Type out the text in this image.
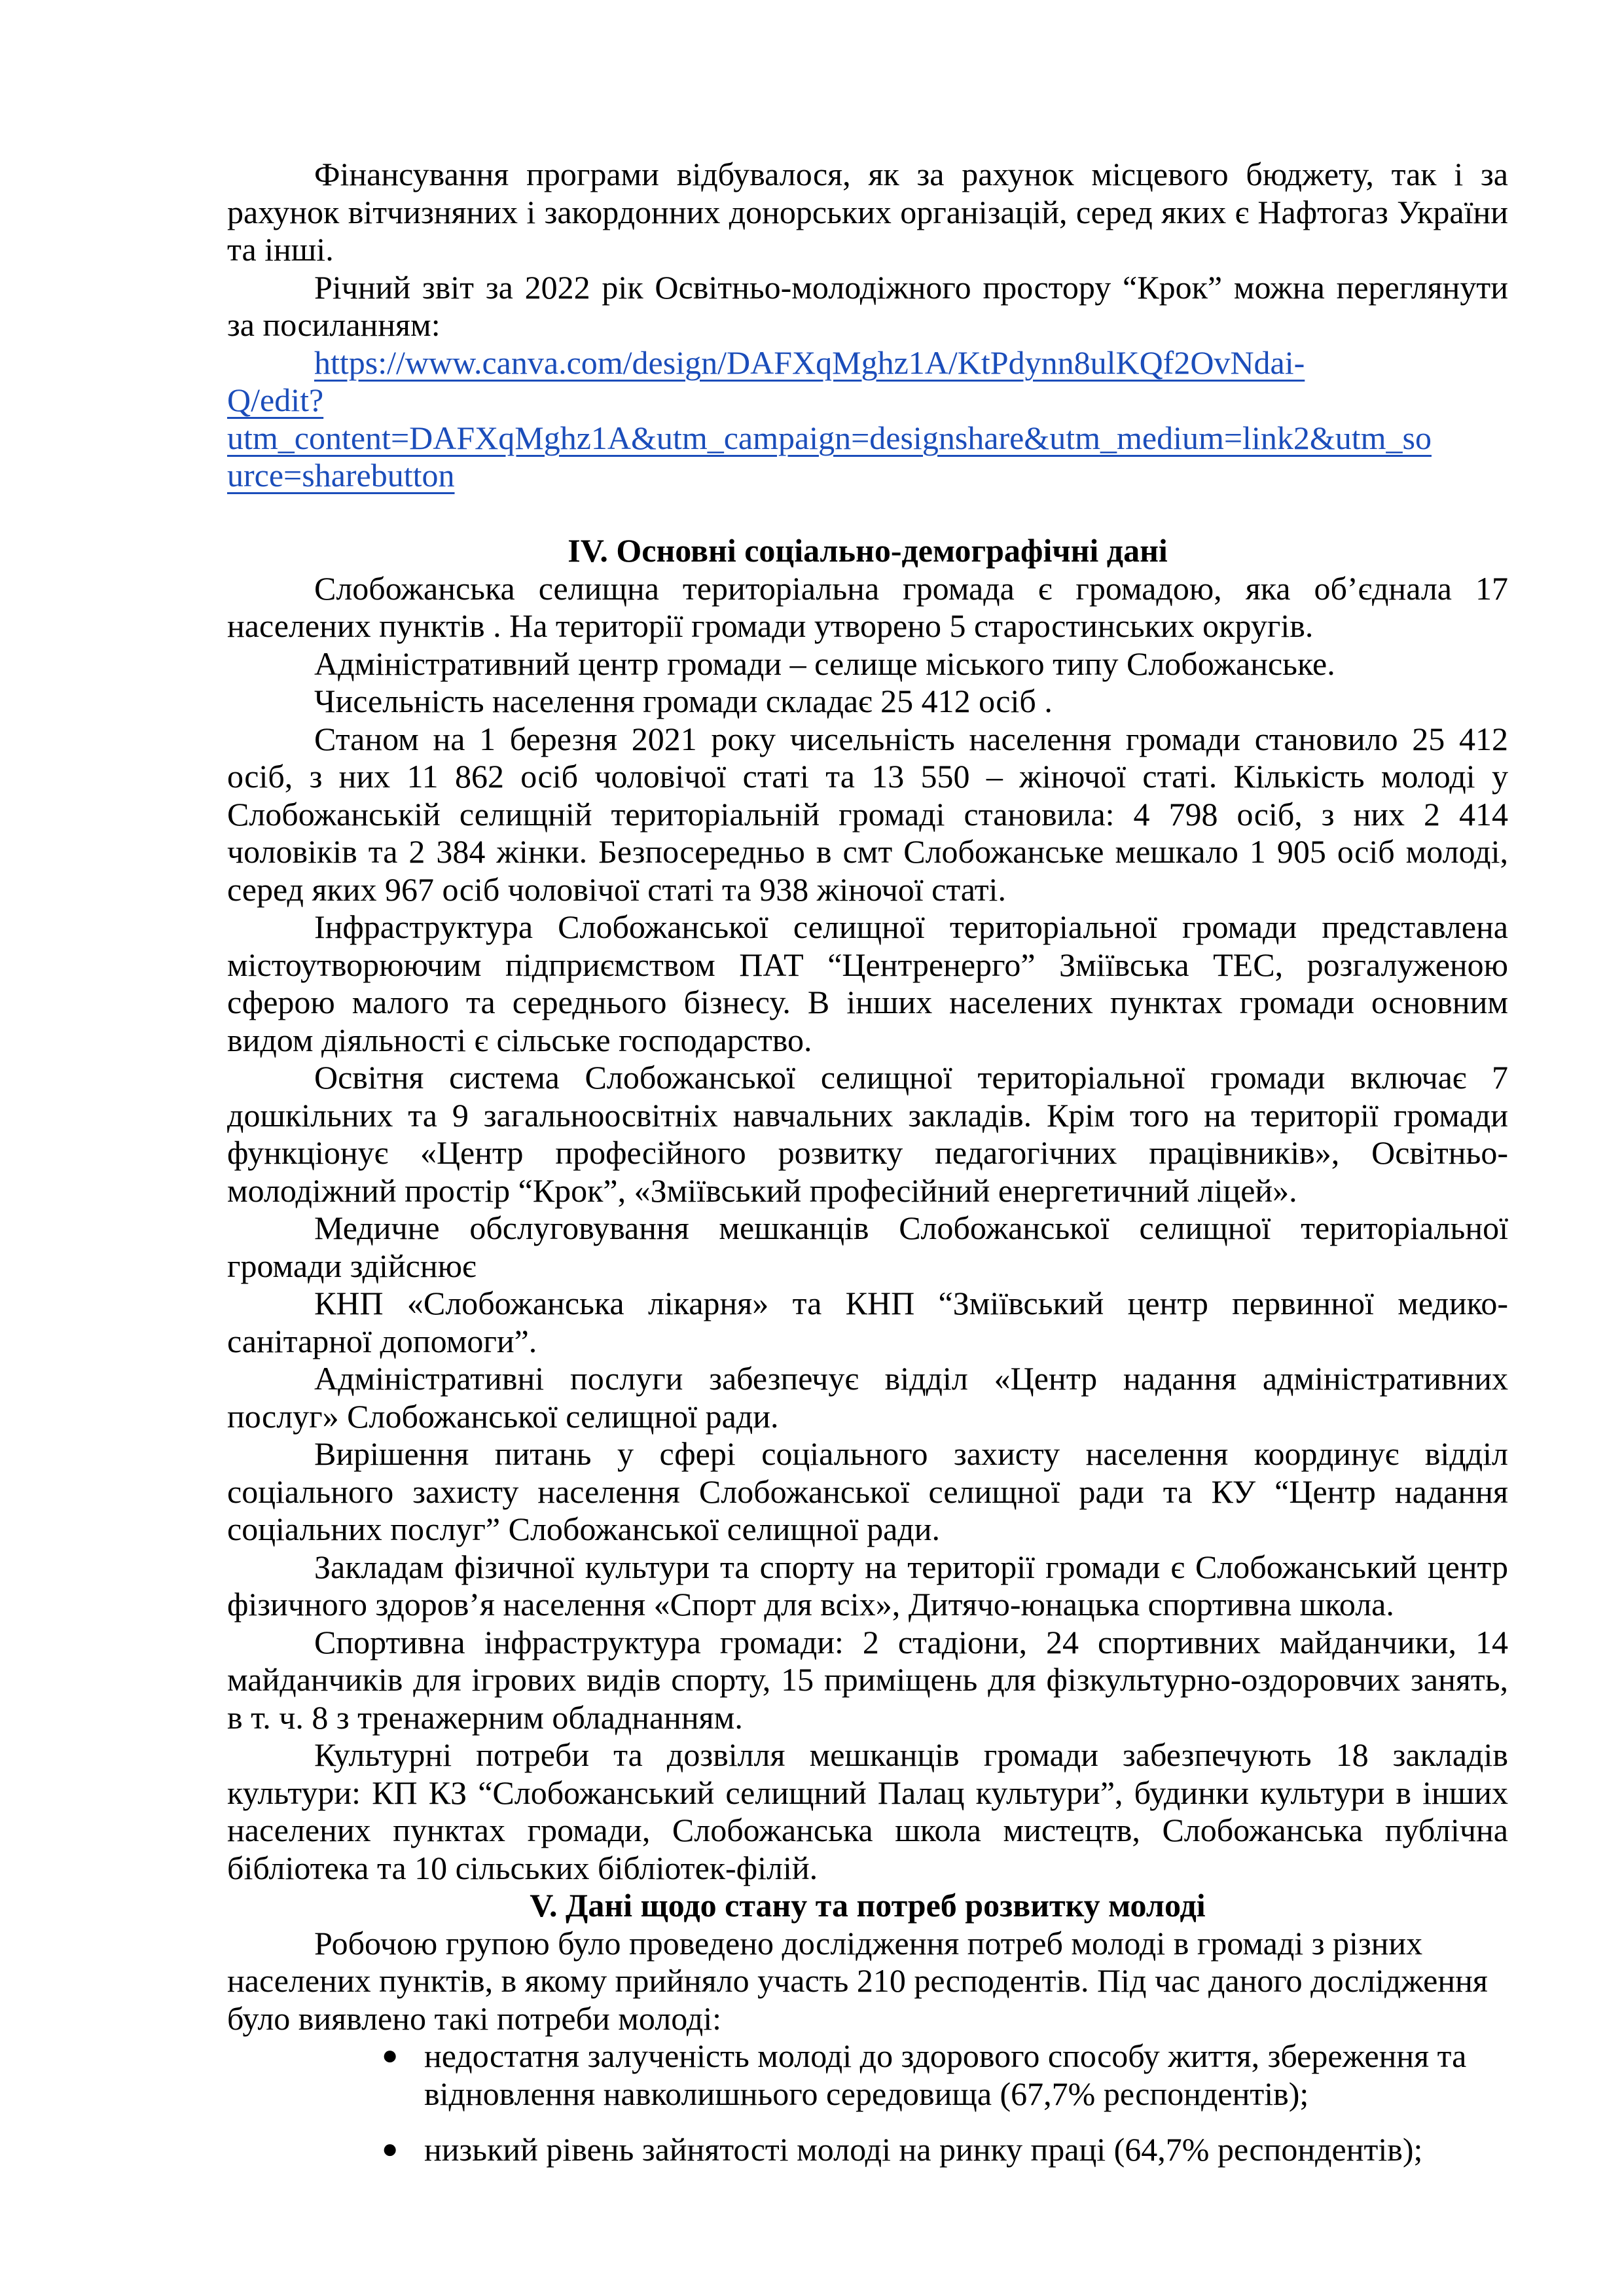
Фінансування програми відбувалося, як за рахунок місцевого бюджету, так і за рахунок вітчизняних і закордонних донорських організацій, серед яких є Нафтогаз України та інші.

Річний звіт за 2022 рік Освітньо-молодіжного простору “Крок” можна переглянути за посиланням:

https://www.canva.com/design/DAFXqMghz1A/KtPdynn8ulKQf2OvNdai-
Q/edit?utm_content=DAFXqMghz1A&utm_campaign=designshare&utm_medium=link2&utm_so
urce=sharebutton

IV. Основні соціально-демографічні дані

Слобожанська селищна територіальна громада є громадою, яка об’єднала 17 населених пунктів . На території громади утворено 5 старостинських округів.

Адміністративний центр громади – селище міського типу Слобожанське.

Чисельність населення громади складає 25 412 осіб .

Станом на 1 березня 2021 року чисельність населення громади становило 25 412 осіб, з них 11 862 осіб чоловічої статі та 13 550 – жіночої статі. Кількість молоді у Слобожанській селищній територіальній громаді становила: 4 798 осіб, з них 2 414 чоловіків та 2 384 жінки. Безпосередньо в смт Слобожанське мешкало 1 905 осіб молоді, серед яких 967 осіб чоловічої статі та 938 жіночої статі.

Інфраструктура Слобожанської селищної територіальної громади представлена містоутворюючим підприємством ПАТ “Центренерго” Зміївська ТЕС, розгалуженою сферою малого та середнього бізнесу. В інших населених пунктах громади основним видом діяльності є сільське господарство.

Освітня система Слобожанської селищної територіальної громади включає 7 дошкільних та 9 загальноосвітніх навчальних закладів. Крім того на території громади функціонує «Центр професійного розвитку педагогічних працівників», Освітньо-молодіжний простір “Крок”, «Зміївський професійний енергетичний ліцей».

Медичне обслуговування мешканців Слобожанської селищної територіальної громади здійснює

КНП «Слобожанська лікарня» та КНП “Зміївський центр первинної медико-санітарної допомоги”.

Адміністративні послуги забезпечує відділ «Центр надання адміністративних послуг» Слобожанської селищної ради.

Вирішення питань у сфері соціального захисту населення координує відділ соціального захисту населення Слобожанської селищної ради та КУ “Центр надання соціальних послуг” Слобожанської селищної ради.

Закладам фізичної культури та спорту на території громади є Слобожанський центр фізичного здоров’я населення «Спорт для всіх», Дитячо-юнацька спортивна школа.

Спортивна інфраструктура громади: 2 стадіони, 24 спортивних майданчики, 14 майданчиків для ігрових видів спорту, 15 приміщень для фізкультурно-оздоровчих занять, в т. ч. 8 з тренажерним обладнанням.

Культурні потреби та дозвілля мешканців громади забезпечують 18 закладів культури: КП КЗ “Слобожанський селищний Палац культури”, будинки культури в інших населених пунктах громади, Слобожанська школа мистецтв, Слобожанська публічна бібліотека та 10 сільських бібліотек-філій.

V. Дані щодо стану та потреб розвитку молоді

Робочою групою було проведено дослідження потреб молоді в громаді з різних населених пунктів, в якому прийняло участь 210 респодентів. Під час даного дослідження було виявлено такі потреби молоді:

● недостатня залученість молоді до здорового способу життя, збереження та відновлення навколишнього середовища (67,7% респондентів);
● низький рівень зайнятості молоді на ринку праці (64,7% респондентів);
